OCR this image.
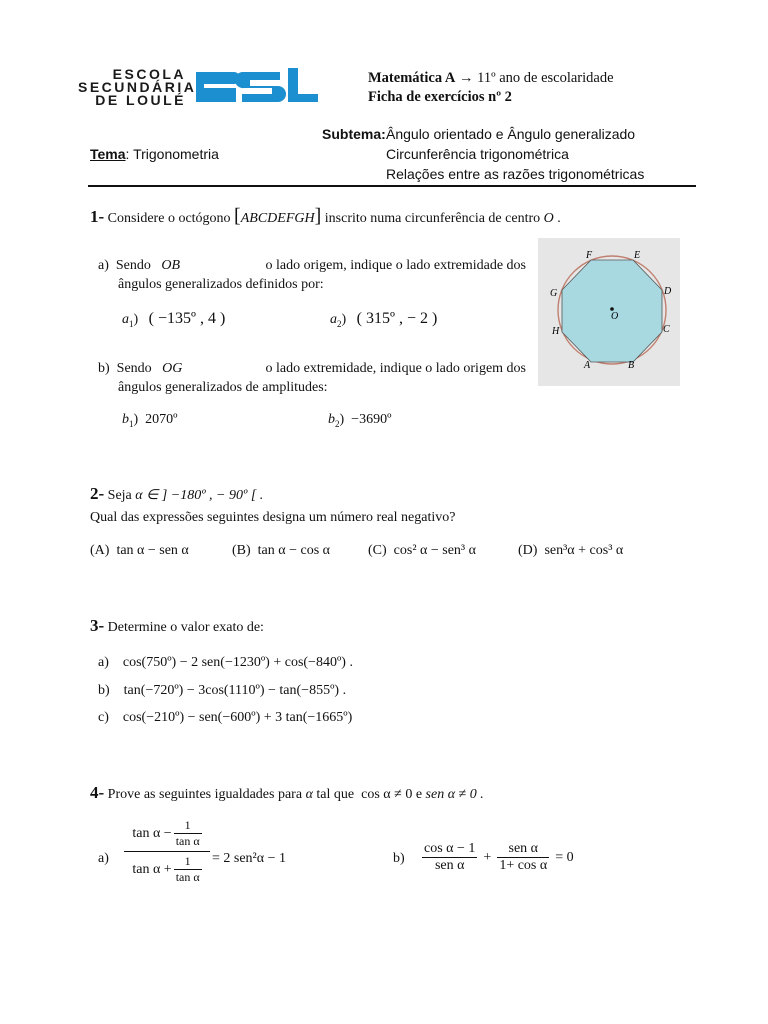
ESCOLA
SECUNDÁRIA
DE LOULÉ
Matemática A → 11º ano de escolaridade
Ficha de exercícios nº 2
Subtema: Ângulo orientado e Ângulo generalizado
Circunferência trigonométrica
Relações entre as razões trigonométricas
Tema: Trigonometria
1- Considere o octógono [ABCDEFGH] inscrito numa circunferência de centro O .
a) Sendo OB	o lado origem, indique o lado extremidade dos
ângulos generalizados definidos por:
$a_1$)   ( −135º , 4 )	$a_2$)   ( 315º , − 2 )
b) Sendo OG	o lado extremidade, indique o lado origem dos
ângulos generalizados de amplitudes:
$b_1$)  2070º	$b_2$)  −3690º
F	E
D
C
B
A
H
G
O
2- Seja α ∈ ] −180º , − 90º [ .
Qual das expressões seguintes designa um número real negativo?
(A) tan α − sen α	(B) tan α − cos α	(C) cos² α − sen³ α	(D) sen³α + cos³ α
3- Determine o valor exato de:
a) cos(750º) − 2 sen(−1230º) + cos(−840º) .
b) tan(−720º) − 3cos(1110º) − tan(−855º) .
c) cos(−210º) − sen(−600º) + 3 tan(−1665º)
4- Prove as seguintes igualdades para α tal que cos α ≠ 0 e sen α ≠ 0 .
a)
$\tan \alpha - \frac{1}{\text{tan α}}$
$\tan \alpha + \frac{1}{\text{tan α}} = 2$ sen²α − 1	$b) \frac{\text{cos α − 1}}{\text{sen α}} + \frac{\text{sen α}}{\text{1+ cos α}} = 0$
